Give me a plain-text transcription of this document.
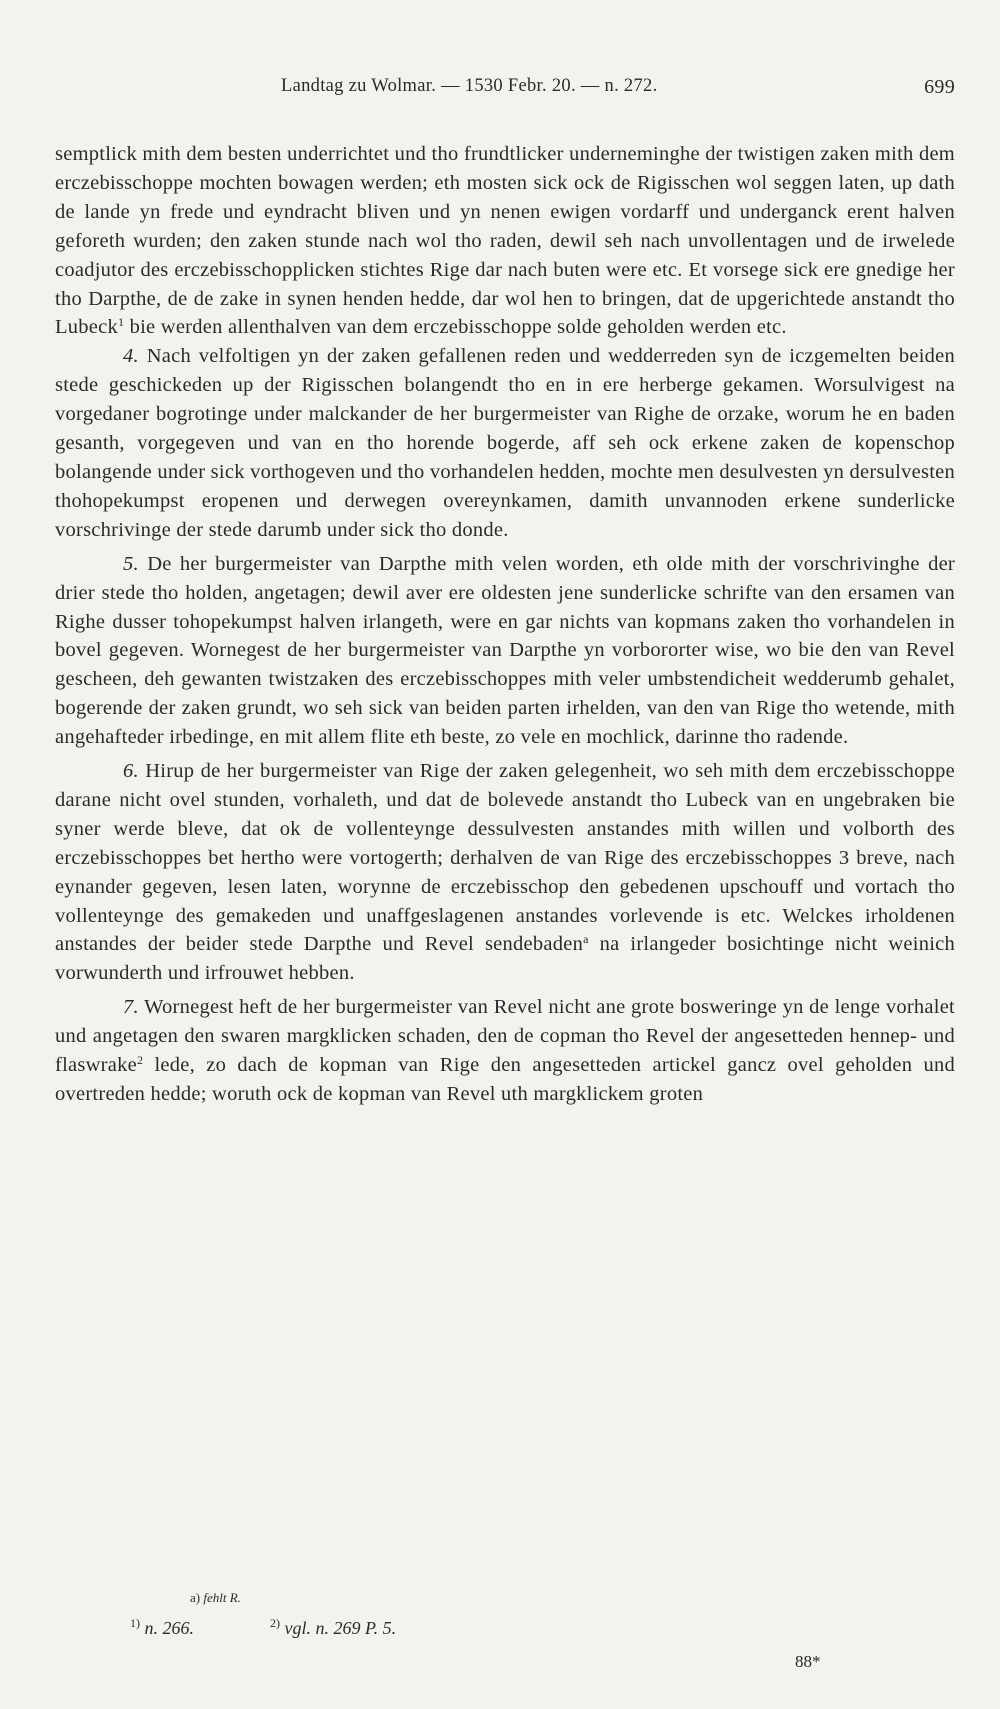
Landtag zu Wolmar. — 1530 Febr. 20. — n. 272.	699

semptlick mith dem besten underrichtet und tho frundtlicker underneminghe der twistigen zaken mith dem erczebisschoppe mochten bowagen werden; eth mosten sick ock de Rigisschen wol seggen laten, up dath de lande yn frede und eyndracht bliven und yn nenen ewigen vordarff und underganck erent halven geforeth wurden; den zaken stunde nach wol tho raden, dewil seh nach unvollentagen und de irwelede coadjutor des erczebisschopplicken stichtes Rige dar nach buten were etc. Et vorsege sick ere gnedige her tho Darpthe, de de zake in synen henden hedde, dar wol hen to bringen, dat de upgerichtede anstandt tho Lubeck$^1$ bie werden allenthalven van dem erczebisschoppe solde geholden werden etc.

4. Nach velfoltigen yn der zaken gefallenen reden und wedderreden syn de iczgemelten beiden stede geschickeden up der Rigisschen bolangendt tho en in ere herberge gekamen. Worsulvigest na vorgedaner bogrotinge under malckander de her burgermeister van Righe de orzake, worum he en baden gesanth, vorgegeven und van en tho horende bogerde, aff seh ock erkene zaken de kopenschop bolangende under sick vorthogeven und tho vorhandelen hedden, mochte men desulvesten yn dersulvesten thohopekumpst eropenen und derwegen overeynkamen, damith unvannoden erkene sunderlicke vorschrivinge der stede darumb under sick tho donde.

5. De her burgermeister van Darpthe mith velen worden, eth olde mith der vorschrivinghe der drier stede tho holden, angetagen; dewil aver ere oldesten jene sunderlicke schrifte van den ersamen van Righe dusser tohopekumpst halven irlangeth, were en gar nichts van kopmans zaken tho vorhandelen in bovel gegeven. Wornegest de her burgermeister van Darpthe yn vorbororter wise, wo bie den van Revel gescheen, deh gewanten twistzaken des erczebisschoppes mith veler umbstendicheit wedderumb gehalet, bogerende der zaken grundt, wo seh sick van beiden parten irhelden, van den van Rige tho wetende, mith angehafteder irbedinge, en mit allem flite eth beste, zo vele en mochlick, darinne tho radende.

6. Hirup de her burgermeister van Rige der zaken gelegenheit, wo seh mith dem erczebisschoppe darane nicht ovel stunden, vorhaleth, und dat de bolevede anstandt tho Lubeck van en ungebraken bie syner werde bleve, dat ok de vollenteynge dessulvesten anstandes mith willen und volborth des erczebisschoppes bet hertho were vortogerth; derhalven de van Rige des erczebisschoppes 3 breve, nach eynander gegeven, lesen laten, worynne de erczebisschop den gebedenen upschouff und vortach tho vollenteynge des gemakeden und unaffgeslagenen anstandes vorlevende is etc. Welckes irholdenen anstandes der beider stede Darpthe und Revel sendebaden$^a$ na irlangeder bosichtinge nicht weinich vorwunderth und irfrouwet hebben.

7. Wornegest heft de her burgermeister van Revel nicht ane grote bosweringe yn de lenge vorhalet und angetagen den swaren margklicken schaden, den de copman tho Revel der angesetteden hennep- und flaswrake$^2$ lede, zo dach de kopman van Rige den angesetteden artickel gancz ovel geholden und overtreden hedde; woruth ock de kopman van Revel uth margklickem groten

a) fehlt R.
$^{1)}$ n. 266.	$^{2)}$ vgl. n. 269 P. 5.
88*
